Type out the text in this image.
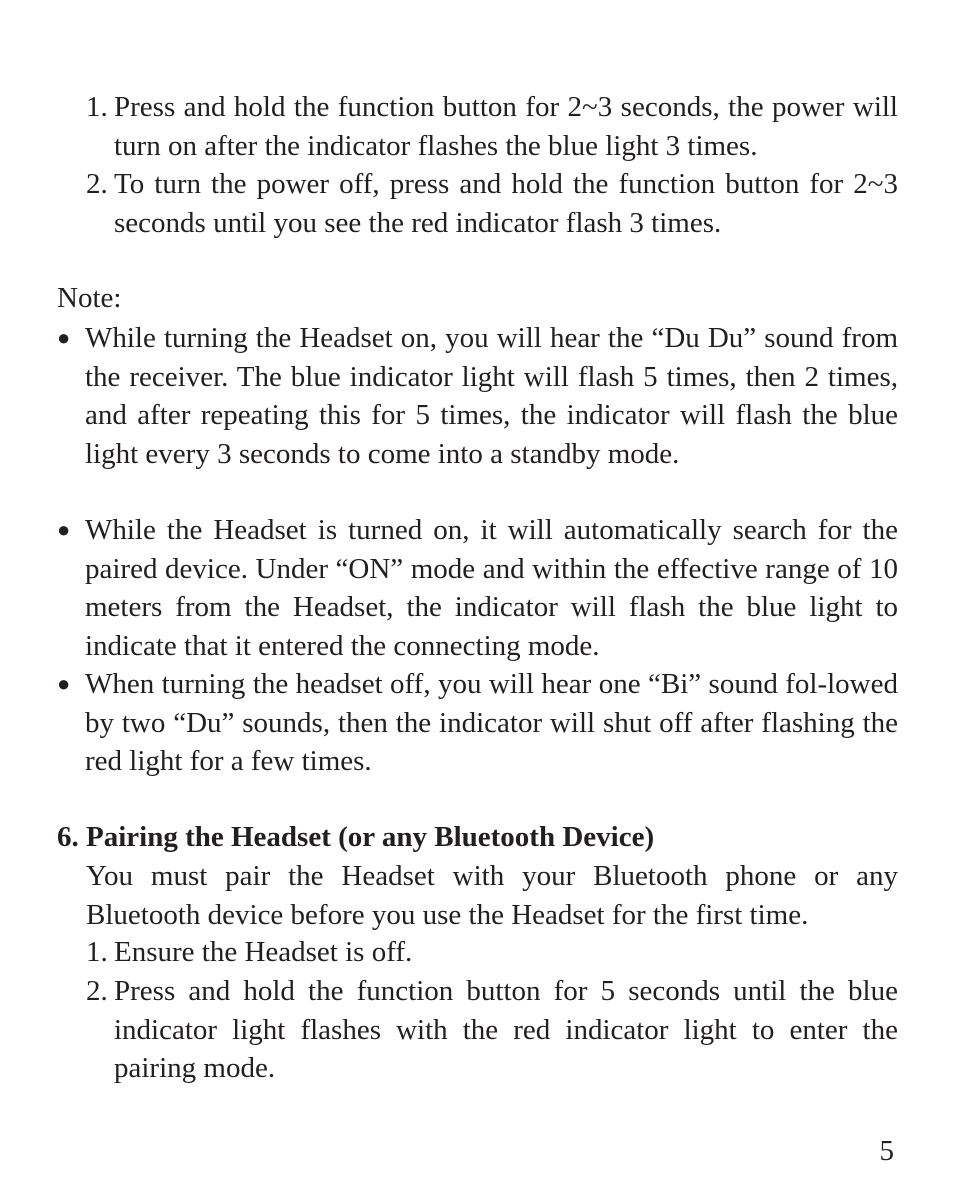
1. Press and hold the function button for 2~3 seconds, the power will turn on after the indicator flashes the blue light 3 times.
2. To turn the power off, press and hold the function button for 2~3 seconds until you see the red indicator flash 3 times.
Note:
● While turning the Headset on, you will hear the “Du Du” sound from the receiver. The blue indicator light will flash 5 times, then 2 times, and after repeating this for 5 times, the indicator will flash the blue light every 3 seconds to come into a standby mode.
● While the Headset is turned on, it will automatically search for the paired device. Under “ON” mode and within the effective range of 10 meters from the Headset, the indicator will flash the blue light to indicate that it entered the connecting mode.
● When turning the headset off, you will hear one “Bi” sound fol-lowed by two “Du” sounds, then the indicator will shut off after flashing the red light for a few times.
6. Pairing the Headset (or any Bluetooth Device)
You must pair the Headset with your Bluetooth phone or any Bluetooth device before you use the Headset for the first time.
1. Ensure the Headset is off.
2. Press and hold the function button for 5 seconds until the blue indicator light flashes with the red indicator light to enter the pairing mode.
5
